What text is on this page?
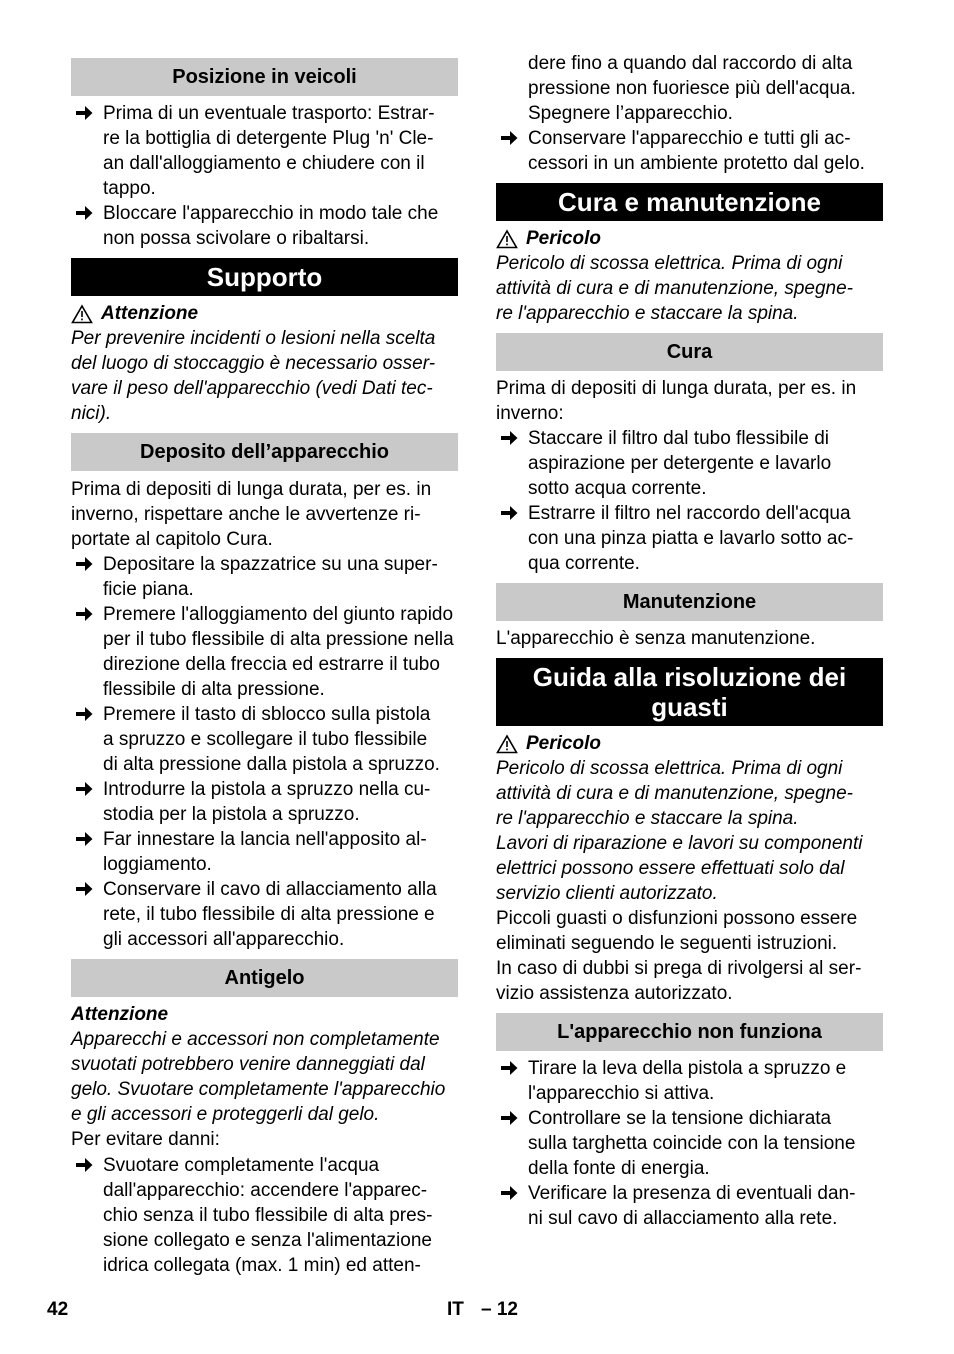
Posizione in veicoli
Prima di un eventuale trasporto: Estrar-
re la bottiglia di detergente Plug 'n' Cle-
an dall'alloggiamento e chiudere con il
tappo.
Bloccare l'apparecchio in modo tale che
non possa scivolare o ribaltarsi.
Supporto
Attenzione
Per prevenire incidenti o lesioni nella scelta
del luogo di stoccaggio è necessario osser-
vare il peso dell'apparecchio (vedi Dati tec-
nici).
Deposito dell’apparecchio
Prima di depositi di lunga durata, per es. in
inverno, rispettare anche le avvertenze ri-
portate al capitolo Cura.
Depositare la spazzatrice su una super-
ficie piana.
Premere l'alloggiamento del giunto rapido
per il tubo flessibile di alta pressione nella
direzione della freccia ed estrarre il tubo
flessibile di alta pressione.
Premere il tasto di sblocco sulla pistola
a spruzzo e scollegare il tubo flessibile
di alta pressione dalla pistola a spruzzo.
Introdurre la pistola a spruzzo nella cu-
stodia per la pistola a spruzzo.
Far innestare la lancia nell'apposito al-
loggiamento.
Conservare il cavo di allacciamento alla
rete, il tubo flessibile di alta pressione e
gli accessori all'apparecchio.
Antigelo
Attenzione
Apparecchi e accessori non completamente
svuotati potrebbero venire danneggiati dal
gelo. Svuotare completamente l'apparecchio
e gli accessori e proteggerli dal gelo.
Per evitare danni:
Svuotare completamente l'acqua
dall'apparecchio: accendere l'apparec-
chio senza il tubo flessibile di alta pres-
sione collegato e senza l'alimentazione
idrica collegata (max. 1 min) ed atten-
dere fino a quando dal raccordo di alta
pressione non fuoriesce più dell'acqua.
Spegnere l’apparecchio.
Conservare l'apparecchio e tutti gli ac-
cessori in un ambiente protetto dal gelo.
Cura e manutenzione
Pericolo
Pericolo di scossa elettrica. Prima di ogni
attività di cura e di manutenzione, spegne-
re l'apparecchio e staccare la spina.
Cura
Prima di depositi di lunga durata, per es. in
inverno:
Staccare il filtro dal tubo flessibile di
aspirazione per detergente e lavarlo
sotto acqua corrente.
Estrarre il filtro nel raccordo dell'acqua
con una pinza piatta e lavarlo sotto ac-
qua corrente.
Manutenzione
L'apparecchio è senza manutenzione.
Guida alla risoluzione dei
guasti
Pericolo
Pericolo di scossa elettrica. Prima di ogni
attività di cura e di manutenzione, spegne-
re l'apparecchio e staccare la spina.
Lavori di riparazione e lavori su componenti
elettrici possono essere effettuati solo dal
servizio clienti autorizzato.
Piccoli guasti o disfunzioni possono essere
eliminati seguendo le seguenti istruzioni.
In caso di dubbi si prega di rivolgersi al ser-
vizio assistenza autorizzato.
L'apparecchio non funziona
Tirare la leva della pistola a spruzzo e
l'apparecchio si attiva.
Controllare se la tensione dichiarata
sulla targhetta coincide con la tensione
della fonte di energia.
Verificare la presenza di eventuali dan-
ni sul cavo di allacciamento alla rete.
42	IT – 12
